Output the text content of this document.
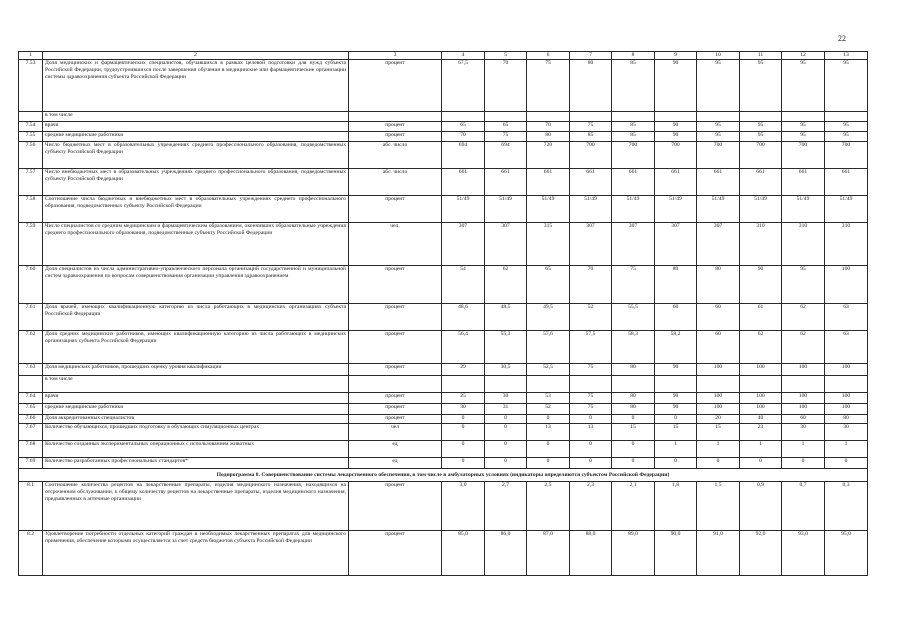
22
1	2	3	4	5	6	7	8	9	10	11	12	13
7.53	Доля медицинских и фармацевтических специалистов, обучавшихся в рамках целевой подготовки для нужд субъекта Российской Федерации, трудоустроившихся после завершения обучения в медицинские или фармацевтические организации системы здравоохранения субъекта Российской Федерации	процент	67,5	70	75	80	85	90	95	95	95	95
	в том числе											
7.54	врачи	процент	65	65	70	75	85	90	95	95	95	95
7.55	средние медицинские работники	процент	70	75	80	85	85	90	95	95	95	95
7.56	Число бюджетных мест в образовательных учреждениях среднего профессионального образования, подведомственных субъекту Российской Федерации	абс. число	694	694	720	700	700	700	700	700	700	700
7.57	Число внебюджетных мест в образовательных учреждениях среднего профессионального образования, подведомственных субъекту Российской Федерации	абс. число	661	661	661	661	661	661	661	661	661	661
7.58	Соотношение числа бюджетных и внебюджетных мест в образовательных учреждениях среднего профессионального образования, подведомственных субъекту Российской Федерации	процент	51/49	51/49	51/49	51/49	51/49	51/49	51/49	51/49	51/49	51/49
7.59	Число специалистов со средним медицинским и фармацевтическим образованием, окончивших образовательные учреждения среднего профессионального образования, подведомственные субъекту Российской Федерации	чел.	307	307	315	307	307	307	307	310	310	310
7.60	Доля специалистов из числа административно-управленческого персонала организаций государственной и муниципальной систем здравоохранения по вопросам совершенствования организации управления здравоохранением	процент	54	62	65	70	75	80	80	90	95	100
7.61	Доля врачей, имеющих квалификационную категорию из числа работающих в медицинских организациях субъекта Российской Федерации	процент	48,6	48,5	49,5	52	55,5	60	60	61	62	63
7.62	Доля средних медицинских работников, имеющих квалификационную категорию из числа работающих в медицинских организациях субъекта Российской Федерации	процент	56,4	55,3	57,6	57,5	58,3	58,2	60	62	62	63
7.63	Доля медицинских работников, прошедших оценку уровня квалификации	процент	29	30,5	52,5	75	80	90	100	100	100	100
	в том числе											
7.64	врачи	процент	25	30	53	75	80	90	100	100	100	100
7.65	средние медицинские работники	процент	30	31	52	75	80	90	100	100	100	100
7.66	Доля аккредитованных специалистов	процент	0	0	0	0	0	0	20	40	60	80
7.67	Количество обучающихся, прошедших подготовку в обучающих симуляционных центрах	чел	0	0	13	13	15	15	15	23	30	30
7.68	Количество созданных экспериментальных операционных с использованием животных	ед	0	0	0	0	0	1	1	1	1	1
7.69	Количество разработанных профессиональных стандартов*	ед	0	0	0	0	0	0	0	0	0	0
Подпрограмма 8. Совершенствование системы лекарственного обеспечения, в том числе в амбулаторных условиях (индикаторы определяются субъектом Российской Федерации)												
8.1	Соотношение количества рецептов на лекарственные препараты, изделия медицинского назначения, находящихся на отсроченном обслуживании, к общему количеству рецептов на лекарственные препараты, изделия медицинского назначения, предъявленных в аптечные организации	процент	3,0	2,7	2,5	2,3	2,1	1,8	1,5	0,9	0,7	0,3
8.2	Удовлетворение потребности отдельных категорий граждан в необходимых лекарственных препаратах для медицинского применения, обеспечение которыми осуществляется за счет средств бюджетов субъекта Российской Федерации	процент	85,0	86,0	87,0	88,0	89,0	90,0	91,0	92,0	93,0	95,0
